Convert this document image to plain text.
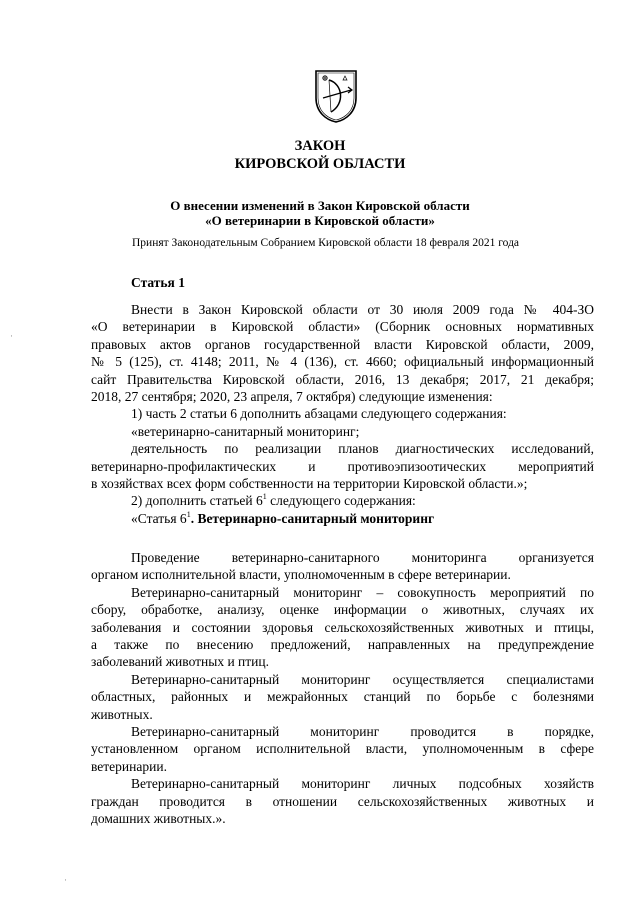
ЗАКОН
КИРОВСКОЙ ОБЛАСТИ
О внесении изменений в Закон Кировской области
«О ветеринарии в Кировской области»
Принят Законодательным Собранием Кировской области 18 февраля 2021 года
Статья 1
Внести в Закон Кировской области от 30 июля 2009 года № 404-ЗО
«О ветеринарии в Кировской области» (Сборник основных нормативных
правовых актов органов государственной власти Кировской области, 2009,
№ 5 (125), ст. 4148; 2011, № 4 (136), ст. 4660; официальный информационный
сайт Правительства Кировской области, 2016, 13 декабря; 2017, 21 декабря;
2018, 27 сентября; 2020, 23 апреля, 7 октября) следующие изменения:
1) часть 2 статьи 6 дополнить абзацами следующего содержания:
«ветеринарно-санитарный мониторинг;
деятельность по реализации планов диагностических исследований,
ветеринарно-профилактических и противоэпизоотических мероприятий
в хозяйствах всех форм собственности на территории Кировской области.»;
2) дополнить статьей $6^1$ следующего содержания:
«Статья $6^1$. Ветеринарно-санитарный мониторинг
Проведение ветеринарно-санитарного мониторинга организуется
органом исполнительной власти, уполномоченным в сфере ветеринарии.
Ветеринарно-санитарный мониторинг – совокупность мероприятий по
сбору, обработке, анализу, оценке информации о животных, случаях их
заболевания и состоянии здоровья сельскохозяйственных животных и птицы,
а также по внесению предложений, направленных на предупреждение
заболеваний животных и птиц.
Ветеринарно-санитарный мониторинг осуществляется специалистами
областных, районных и межрайонных станций по борьбе с болезнями
животных.
Ветеринарно-санитарный мониторинг проводится в порядке,
установленном органом исполнительной власти, уполномоченным в сфере
ветеринарии.
Ветеринарно-санитарный мониторинг личных подсобных хозяйств
граждан проводится в отношении сельскохозяйственных животных и
домашних животных.».
·
·
